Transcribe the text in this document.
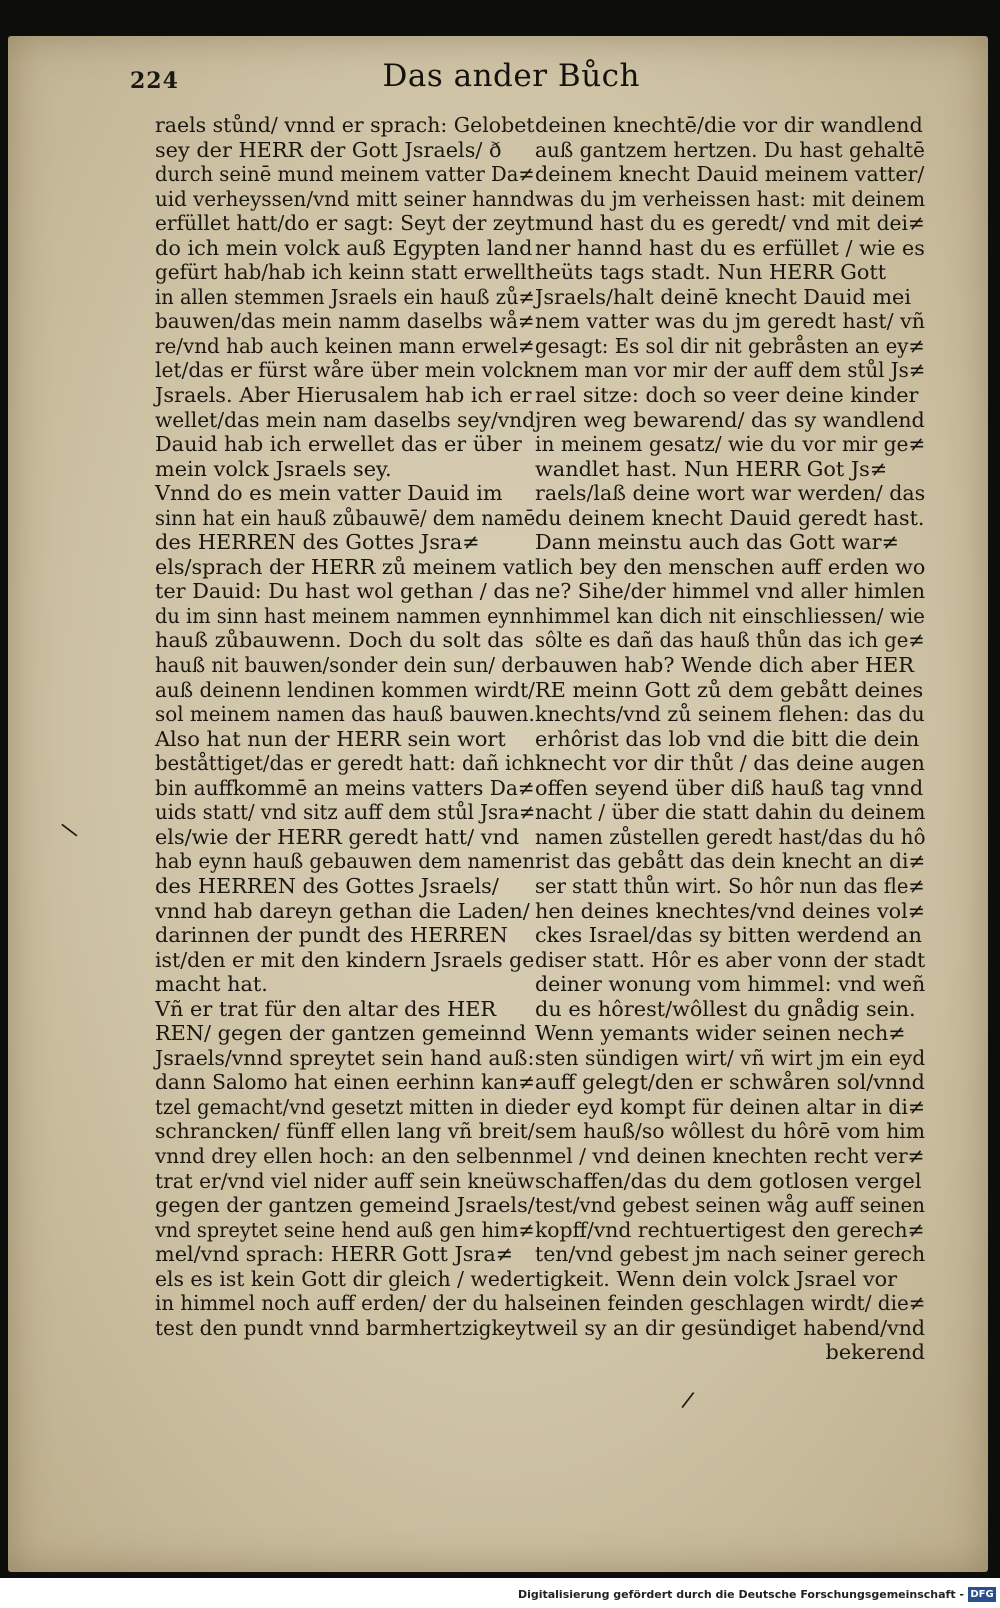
224	Das ander Bůch
raels stůnd/ vnnd er sprach: Gelobet
sey der HERR der Gott Jsraels/ ð
durch seinē mund meinem vatter Da≠
uid verheyssen/vnd mitt seiner hannd
erfüllet hatt/do er sagt: Seyt der zeyt
do ich mein volck auß Egypten land
gefürt hab/hab ich keinn statt erwellt
in allen stemmen Jsraels ein hauß zů≠
bauwen/das mein namm daselbs wå≠
re/vnd hab auch keinen mann erwel≠
let/das er fürst wåre über mein volck
Jsraels. Aber Hierusalem hab ich er
wellet/das mein nam daselbs sey/vnd
Dauid hab ich erwellet das er über
mein volck Jsraels sey.
Vnnd do es mein vatter Dauid im
sinn hat ein hauß zůbauwē/ dem namē
des HERREN des Gottes Jsra≠
els/sprach der HERR zů meinem vat
ter Dauid: Du hast wol gethan / das
du im sinn hast meinem nammen eynn
hauß zůbauwenn. Doch du solt das
hauß nit bauwen/sonder dein sun/ der
auß deinenn lendinen kommen wirdt/
sol meinem namen das hauß bauwen.
Also hat nun der HERR sein wort
beståttiget/das er geredt hatt: dañ ich
bin auffkommē an meins vatters Da≠
uids statt/ vnd sitz auff dem stůl Jsra≠
els/wie der HERR geredt hatt/ vnd
hab eynn hauß gebauwen dem namen
des HERREN des Gottes Jsraels/
vnnd hab dareyn gethan die Laden/
darinnen der pundt des HERREN
ist/den er mit den kindern Jsraels ge
macht hat.
Vñ er trat für den altar des HER
REN/ gegen der gantzen gemeinnd
Jsraels/vnnd spreytet sein hand auß:
dann Salomo hat einen eerhinn kan≠
tzel gemacht/vnd gesetzt mitten in die
schrancken/ fünff ellen lang vñ breit/
vnnd drey ellen hoch: an den selbenn
trat er/vnd viel nider auff sein kneüw
gegen der gantzen gemeind Jsraels/
vnd spreytet seine hend auß gen him≠
mel/vnd sprach: HERR Gott Jsra≠
els es ist kein Gott dir gleich / weder
in himmel noch auff erden/ der du hal
test den pundt vnnd barmhertzigkeyt
deinen knechtē/die vor dir wandlend
auß gantzem hertzen. Du hast gehaltē
deinem knecht Dauid meinem vatter/
was du jm verheissen hast: mit deinem
mund hast du es geredt/ vnd mit dei≠
ner hannd hast du es erfüllet / wie es
heüts tags stadt. Nun HERR Gott
Jsraels/halt deinē knecht Dauid mei
nem vatter was du jm geredt hast/ vñ
gesagt: Es sol dir nit gebråsten an ey≠
nem man vor mir der auff dem stůl Js≠
rael sitze: doch so veer deine kinder
jren weg bewarend/ das sy wandlend
in meinem gesatz/ wie du vor mir ge≠
wandlet hast. Nun HERR Got Js≠
raels/laß deine wort war werden/ das
du deinem knecht Dauid geredt hast.
Dann meinstu auch das Gott war≠
lich bey den menschen auff erden wo
ne? Sihe/der himmel vnd aller himlen
himmel kan dich nit einschliessen/ wie
sôlte es dañ das hauß thůn das ich ge≠
bauwen hab? Wende dich aber HER
RE meinn Gott zů dem gebått deines
knechts/vnd zů seinem flehen: das du
erhôrist das lob vnd die bitt die dein
knecht vor dir thůt / das deine augen
offen seyend über diß hauß tag vnnd
nacht / über die statt dahin du deinem
namen zůstellen geredt hast/das du hô
rist das gebått das dein knecht an di≠
ser statt thůn wirt. So hôr nun das fle≠
hen deines knechtes/vnd deines vol≠
ckes Israel/das sy bitten werdend an
diser statt. Hôr es aber vonn der stadt
deiner wonung vom himmel: vnd weñ
du es hôrest/wôllest du gnådig sein.
Wenn yemants wider seinen nech≠
sten sündigen wirt/ vñ wirt jm ein eyd
auff gelegt/den er schwåren sol/vnnd
der eyd kompt für deinen altar in di≠
sem hauß/so wôllest du hôrē vom him
mel / vnd deinen knechten recht ver≠
schaffen/das du dem gotlosen vergel
test/vnd gebest seinen wåg auff seinen
kopff/vnd rechtuertigest den gerech≠
ten/vnd gebest jm nach seiner gerech
tigkeit. Wenn dein volck Jsrael vor
seinen feinden geschlagen wirdt/ die≠
weil sy an dir gesündiget habend/vnd
bekerend
\
/
Digitalisierung gefördert durch die Deutsche Forschungsgemeinschaft - DFG
